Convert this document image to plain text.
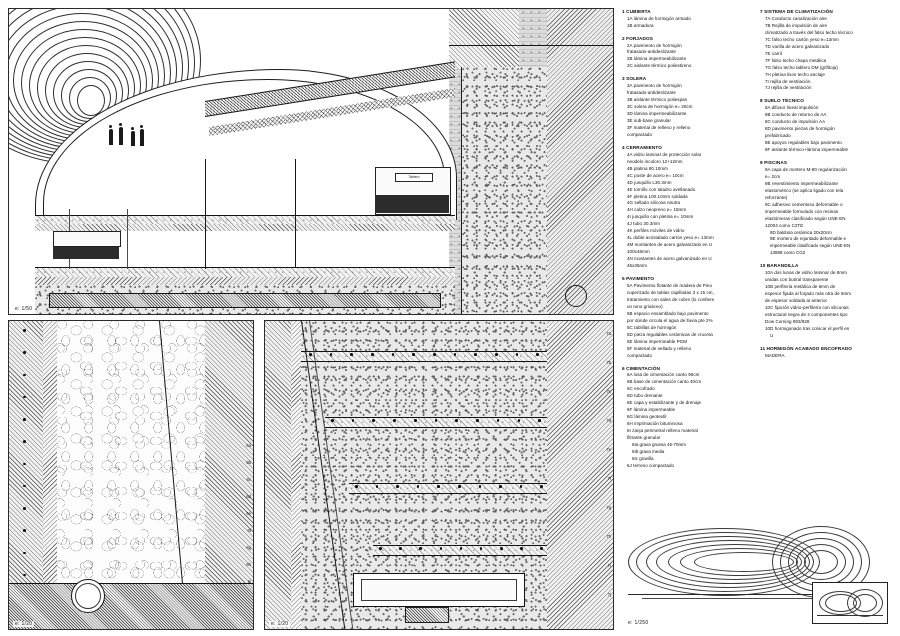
Tablero
e: 1/50
6a
6b
6c
6d
6e
6f
6g
6h
6i
e: 1/20
7a
7b
7c
7d
7e
7f
7g
7h
7i
7j
e: 1/20
1 CUBIERTA
1A lámina de hormigón armado
1B armadura
2 FORJADOS
2A pavimento de hormigón
fratasado-antideslizante
2B lámina impermeabilizante
2C aislante térmico poliestireno
3 SOLERA
3A pavimento de hormigón
fratasado-antideslizante
3B aislante térmico poliespan
3C solera de hormigón e= 26cm
3D lámina impermeabilizante
3E sub-base granular
3F material de relleno y relleno
compactado
4 CERRAMIENTO
4A vidrio laminar de protección solar
neodelo incoloro 12+12mm
4B platina 80.10mm
4C poste de acero e= 10cm
4D junquillo L30.3mm
4E tornillo con taladro avellanado
4F pletina 100.10mm soldada
4G sellado silicona neutra
4H calzo neopreno e= 15mm
4I junquillo con pletina e= 10mm
4J tubo 30.3mm
4K perfiles móviles de vidrio
4L doble acristalado cartón yeso e= 13mm
4M montantes de acero galvanizado en U
100x46mm
4N montantes de acero galvanizado en U
46x36mm
5 PAVIMENTO
5A Pavimento flotante de madera de Pino
cuperizado de tablas capilladas 3 x 15 cm,
tratamiento con sales de cobre (lo confiere
un tono grisáceo)
5B espacio ensamblado bajo pavimento
por donde circula el agua de lluvia pte 2%
5C tablillas de hormigón
5D pieza regulables cerámicas de cruceta
5E lámina impermeable PGM
5F material de sellado y relleno
compactado
6 CIMENTACIÓN
6A losa de cimentación canto 90cm
6B base de cimentación canto 40cm
6C encofrado
6D tubo drenante
6E capa y estabilizante y de drenaje
6F lámina impermeable
6G lámina geotextil
6H imprimación bituminosa
6I zanja perimetral relleno material
filtrante granular
6Ia grava gruesa 45-70mm
6Ib grava media
6Ic gravilla
6J terreno compactado
7 SISTEMA DE CLIMATIZACIÓN
7A Conducto canalización aire
7B Rejilla de impulsión de aire
climatizado a través del falso techo técnico
7C falso techo cartón yeso e=13mm
7D varilla de acero galvanizado
7E carril
7F falso techo chapa metálica
7G falso techo tablero DM (grifitoja)
7H pletina lisos techo anclaje
7I rejilla de ventilación
7J rejilla de ventilación
8 SUELO TÉCNICO
8A difusor lineal impulsión
8B conducto de retorno de AA
8C conducto de impulsión AA
8D pavimento piezas de hormigón
prefabricado
8E apoyos regulables bajo pavimento
8F aislante térmico+lámina impermeable
9 PISCINAS
9A capa de mortero M-80 regularización
e= 2cm
9B revestimiento impermeabilizante
elastomérico (se aplica ligado con tela
reforzante)
9C adhesivo cementoso deformable o
impermeable formulado con resinas
elastómeras clasificado según UNE-EN
12004 como C2TE
9D baldosa cerámica 20x20cm
9E mortero de rejuntado deformable e
impermeable clasificado según UNE-EN
13888 como CG2
10 BARANDILLA
10A dos lunas de vidrio laminar de 8mm
unidas con butiral transparente
10B perfilería metálica de 6mm de
espesor fijada al forjado más otra de 6mm
de espesor soldada al anterior
10C fijación vidrio-perfilería con siliconas
estructural negra de 2 componentes tipo
Dow Corning 993/828
10D hormigonado tras colocar el perfil en
U
11 HORMIGÓN ACABADO ENCOFRADO
MADERA
e: 1/250
